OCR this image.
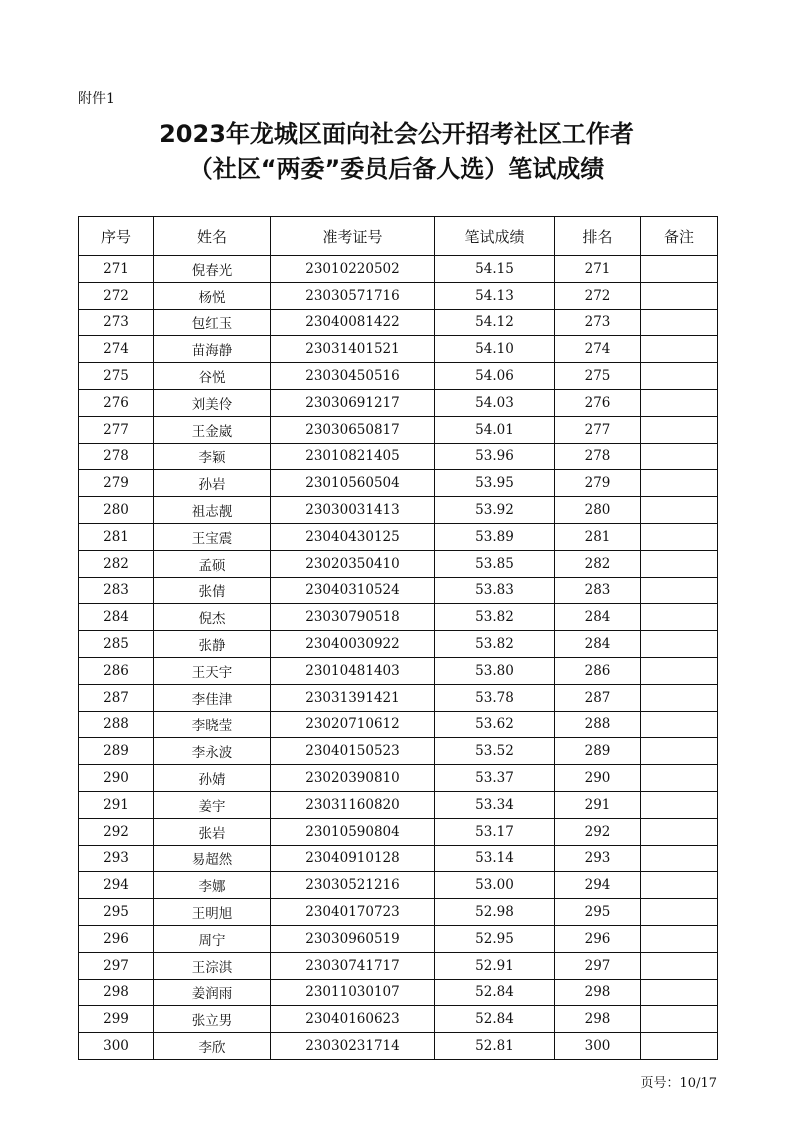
附件1
2023年龙城区面向社会公开招考社区工作者
（社区“两委”委员后备人选）笔试成绩
序号	姓名	准考证号	笔试成绩	排名	备注
271	倪春光	23010220502	54.15	271	
272	杨悦	23030571716	54.13	272	
273	包红玉	23040081422	54.12	273	
274	苗海静	23031401521	54.10	274	
275	谷悦	23030450516	54.06	275	
276	刘美伶	23030691217	54.03	276	
277	王金崴	23030650817	54.01	277	
278	李颖	23010821405	53.96	278	
279	孙岩	23010560504	53.95	279	
280	祖志靓	23030031413	53.92	280	
281	王宝震	23040430125	53.89	281	
282	孟硕	23020350410	53.85	282	
283	张倩	23040310524	53.83	283	
284	倪杰	23030790518	53.82	284	
285	张静	23040030922	53.82	284	
286	王天宇	23010481403	53.80	286	
287	李佳津	23031391421	53.78	287	
288	李晓莹	23020710612	53.62	288	
289	李永波	23040150523	53.52	289	
290	孙婧	23020390810	53.37	290	
291	姜宇	23031160820	53.34	291	
292	张岩	23010590804	53.17	292	
293	易超然	23040910128	53.14	293	
294	李娜	23030521216	53.00	294	
295	王明旭	23040170723	52.98	295	
296	周宁	23030960519	52.95	296	
297	王淙淇	23030741717	52.91	297	
298	姜润雨	23011030107	52.84	298	
299	张立男	23040160623	52.84	298	
300	李欣	23030231714	52.81	300	
页号：10/17
